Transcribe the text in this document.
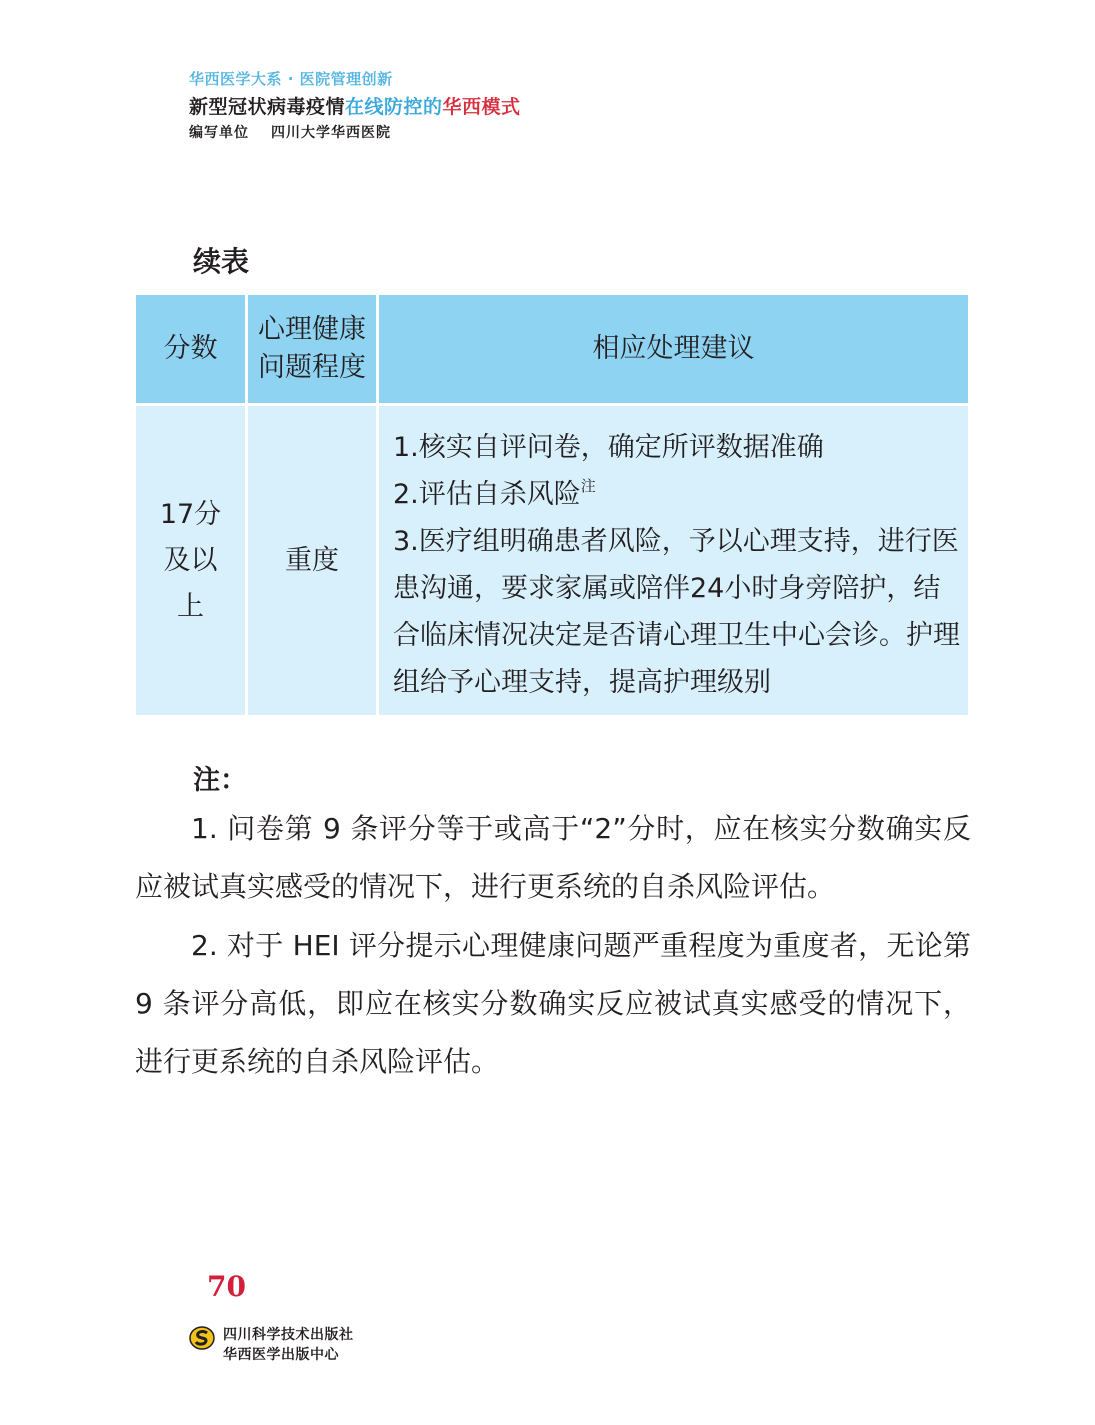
华西医学大系 · 医院管理创新
新型冠状病毒疫情在线防控的华西模式
编写单位 四川大学华西医院
续表
分数
心理健康问题程度
相应处理建议
17分及以上
重度

1.核实自评问卷，确定所评数据准确

2.评估自杀风险$^注$

3.医疗组明确患者风险，予以心理支持，进行医患沟通，要求家属或陪伴24小时身旁陪护，结合临床情况决定是否请心理卫生中心会诊。护理组给予心理支持，提高护理级别

注：
1. 问卷第 9 条评分等于或高于“2”分时，应在核实分数确实反应被试真实感受的情况下，进行更系统的自杀风险评估。
2. 对于 HEI 评分提示心理健康问题严重程度为重度者，无论第 9 条评分高低，即应在核实分数确实反应被试真实感受的情况下，进行更系统的自杀风险评估。
70
四川科学技术出版社
华西医学出版中心
